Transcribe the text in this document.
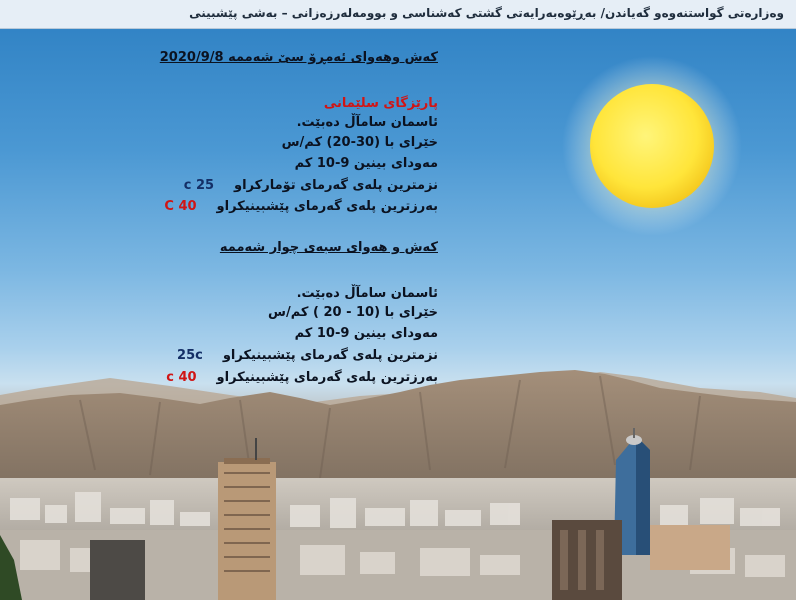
وەزارەتی گواستنەوەو گەیاندن/ بەڕێوەبەرایەتی گشتی کەشناسی و بوومەلەرزەزانی – بەشی پێشبینی
کەش وهەوای ئەمڕۆ سێ شەممە 2020/9/8
پارێزگای سلێمانی
ئاسمان سامآڵ دەبێت.
خێرای با (30-20) کم/س
مەودای بینین 9-10 کم
نزمترین پلەی گەرمای تۆمارکراو25 c
بەرزترین پلەی گەرمای پێشبینیکراو40 C
کەش و هەوای سبەی چوار شەممە
ئاسمان سامآڵ دەبێت.
خێرای با (10 - 20 ) کم/س
مەودای بینین 9-10 کم
نزمترین پلەی گەرمای پێشبینیکراو25c
بەرزترین پلەی گەرمای پێشبینیکراو40 c
